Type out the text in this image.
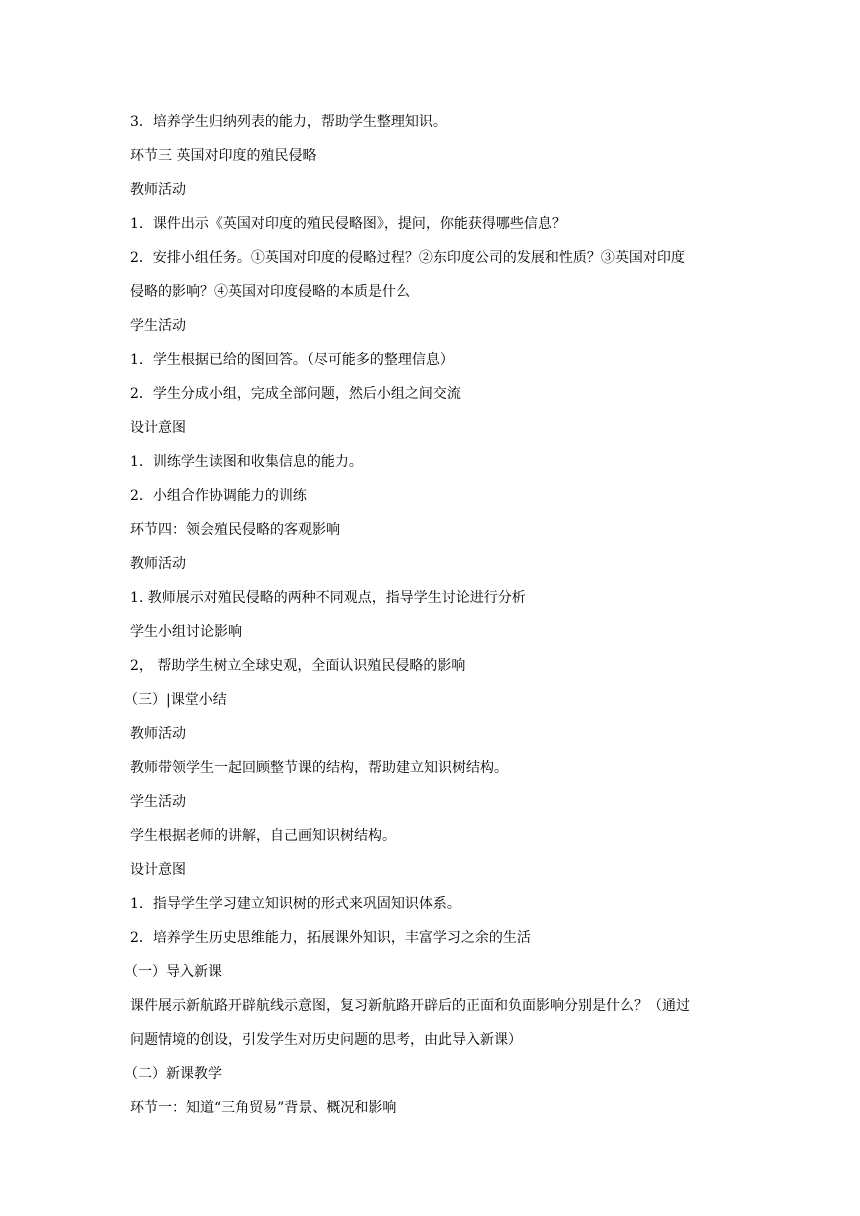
3．培养学生归纳列表的能力，帮助学生整理知识。
环节三 英国对印度的殖民侵略
教师活动
1．课件出示《英国对印度的殖民侵略图》，提问，你能获得哪些信息？
2．安排小组任务。①英国对印度的侵略过程？②东印度公司的发展和性质？③英国对印度
侵略的影响？④英国对印度侵略的本质是什么
学生活动
1．学生根据已给的图回答。（尽可能多的整理信息）
2．学生分成小组，完成全部问题，然后小组之间交流
设计意图
1．训练学生读图和收集信息的能力。
2．小组合作协调能力的训练
环节四：领会殖民侵略的客观影响
教师活动
1. 教师展示对殖民侵略的两种不同观点，指导学生讨论进行分析
学生小组讨论影响
2， 帮助学生树立全球史观，全面认识殖民侵略的影响
（三）|课堂小结
教师活动
教师带领学生一起回顾整节课的结构，帮助建立知识树结构。
学生活动
学生根据老师的讲解，自己画知识树结构。
设计意图
1．指导学生学习建立知识树的形式来巩固知识体系。
2．培养学生历史思维能力，拓展课外知识，丰富学习之余的生活
（一）导入新课
课件展示新航路开辟航线示意图，复习新航路开辟后的正面和负面影响分别是什么？（通过
问题情境的创设，引发学生对历史问题的思考，由此导入新课）
（二）新课教学
环节一：知道“三角贸易”背景、概况和影响
